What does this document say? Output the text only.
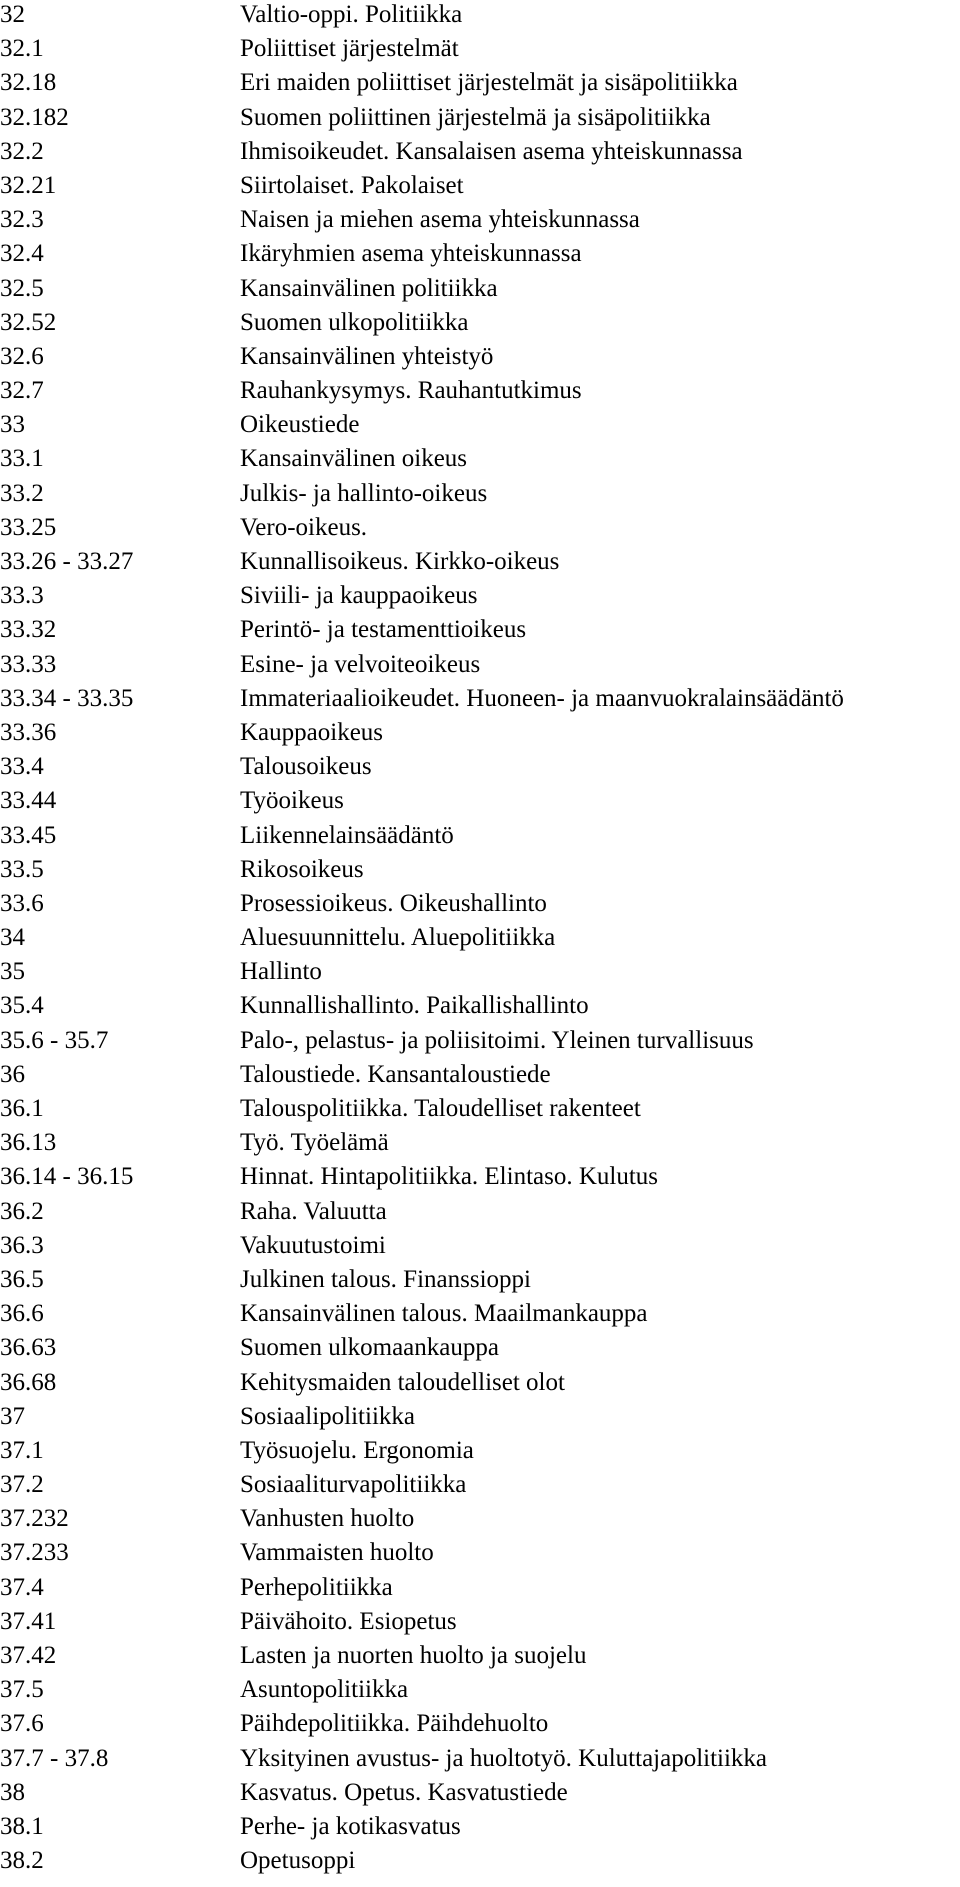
32	Valtio-oppi. Politiikka
32.1	Poliittiset järjestelmät
32.18	Eri maiden poliittiset järjestelmät ja sisäpolitiikka
32.182	Suomen poliittinen järjestelmä ja sisäpolitiikka
32.2	Ihmisoikeudet. Kansalaisen asema yhteiskunnassa
32.21	Siirtolaiset. Pakolaiset
32.3	Naisen ja miehen asema yhteiskunnassa
32.4	Ikäryhmien asema yhteiskunnassa
32.5	Kansainvälinen politiikka
32.52	Suomen ulkopolitiikka
32.6	Kansainvälinen yhteistyö
32.7	Rauhankysymys. Rauhantutkimus
33	Oikeustiede
33.1	Kansainvälinen oikeus
33.2	Julkis- ja hallinto-oikeus
33.25	Vero-oikeus.
33.26 - 33.27	Kunnallisoikeus. Kirkko-oikeus
33.3	Siviili- ja kauppaoikeus
33.32	Perintö- ja testamenttioikeus
33.33	Esine- ja velvoiteoikeus
33.34 - 33.35	Immateriaalioikeudet. Huoneen- ja maanvuokralainsäädäntö
33.36	Kauppaoikeus
33.4	Talousoikeus
33.44	Työoikeus
33.45	Liikennelainsäädäntö
33.5	Rikosoikeus
33.6	Prosessioikeus. Oikeushallinto
34	Aluesuunnittelu. Aluepolitiikka
35	Hallinto
35.4	Kunnallishallinto. Paikallishallinto
35.6 - 35.7	Palo-, pelastus- ja poliisitoimi. Yleinen turvallisuus
36	Taloustiede. Kansantaloustiede
36.1	Talouspolitiikka. Taloudelliset rakenteet
36.13	Työ. Työelämä
36.14 - 36.15	Hinnat. Hintapolitiikka. Elintaso. Kulutus
36.2	Raha. Valuutta
36.3	Vakuutustoimi
36.5	Julkinen talous. Finanssioppi
36.6	Kansainvälinen talous. Maailmankauppa
36.63	Suomen ulkomaankauppa
36.68	Kehitysmaiden taloudelliset olot
37	Sosiaalipolitiikka
37.1	Työsuojelu. Ergonomia
37.2	Sosiaaliturvapolitiikka
37.232	Vanhusten huolto
37.233	Vammaisten huolto
37.4	Perhepolitiikka
37.41	Päivähoito. Esiopetus
37.42	Lasten ja nuorten huolto ja suojelu
37.5	Asuntopolitiikka
37.6	Päihdepolitiikka. Päihdehuolto
37.7 - 37.8	Yksityinen avustus- ja huoltotyö. Kuluttajapolitiikka
38	Kasvatus. Opetus. Kasvatustiede
38.1	Perhe- ja kotikasvatus
38.2	Opetusoppi
